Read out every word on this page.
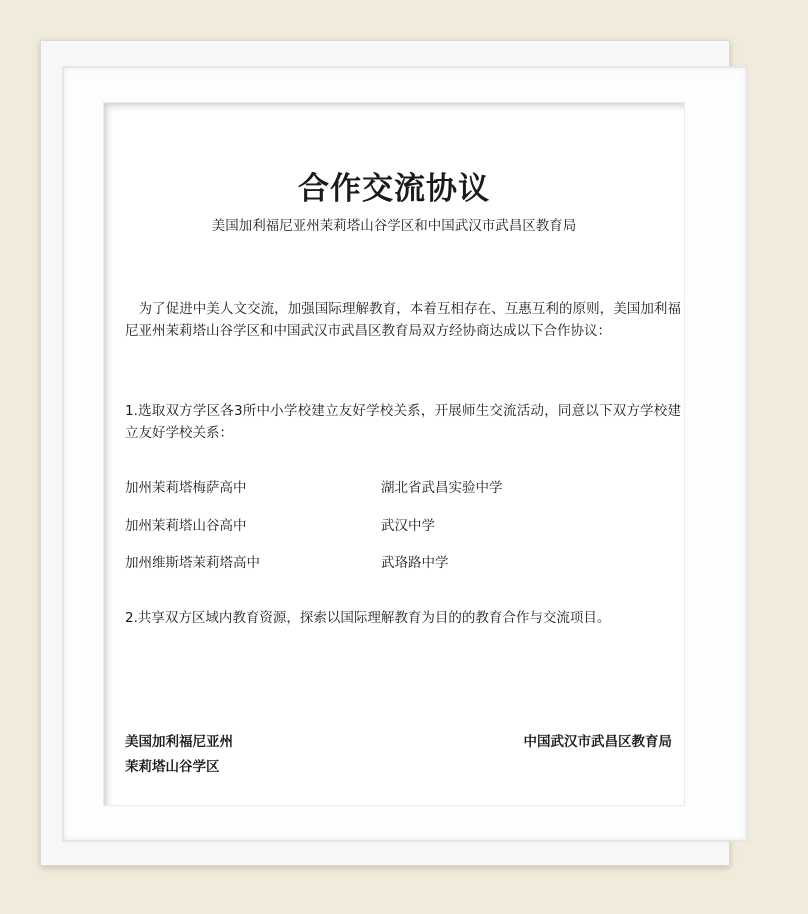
合作交流协议
美国加利福尼亚州茉莉塔山谷学区和中国武汉市武昌区教育局
　为了促进中美人文交流，加强国际理解教育，本着互相存在、互惠互利的原则，美国加利福尼亚州茉莉塔山谷学区和中国武汉市武昌区教育局双方经协商达成以下合作协议：
1.选取双方学区各3所中小学校建立友好学校关系，开展师生交流活动，同意以下双方学校建立友好学校关系：
加州茉莉塔梅萨高中	湖北省武昌实验中学
加州茉莉塔山谷高中	武汉中学
加州维斯塔茉莉塔高中	武珞路中学
2.共享双方区域内教育资源，探索以国际理解教育为目的的教育合作与交流项目。
美国加利福尼亚州
茉莉塔山谷学区
中国武汉市武昌区教育局
